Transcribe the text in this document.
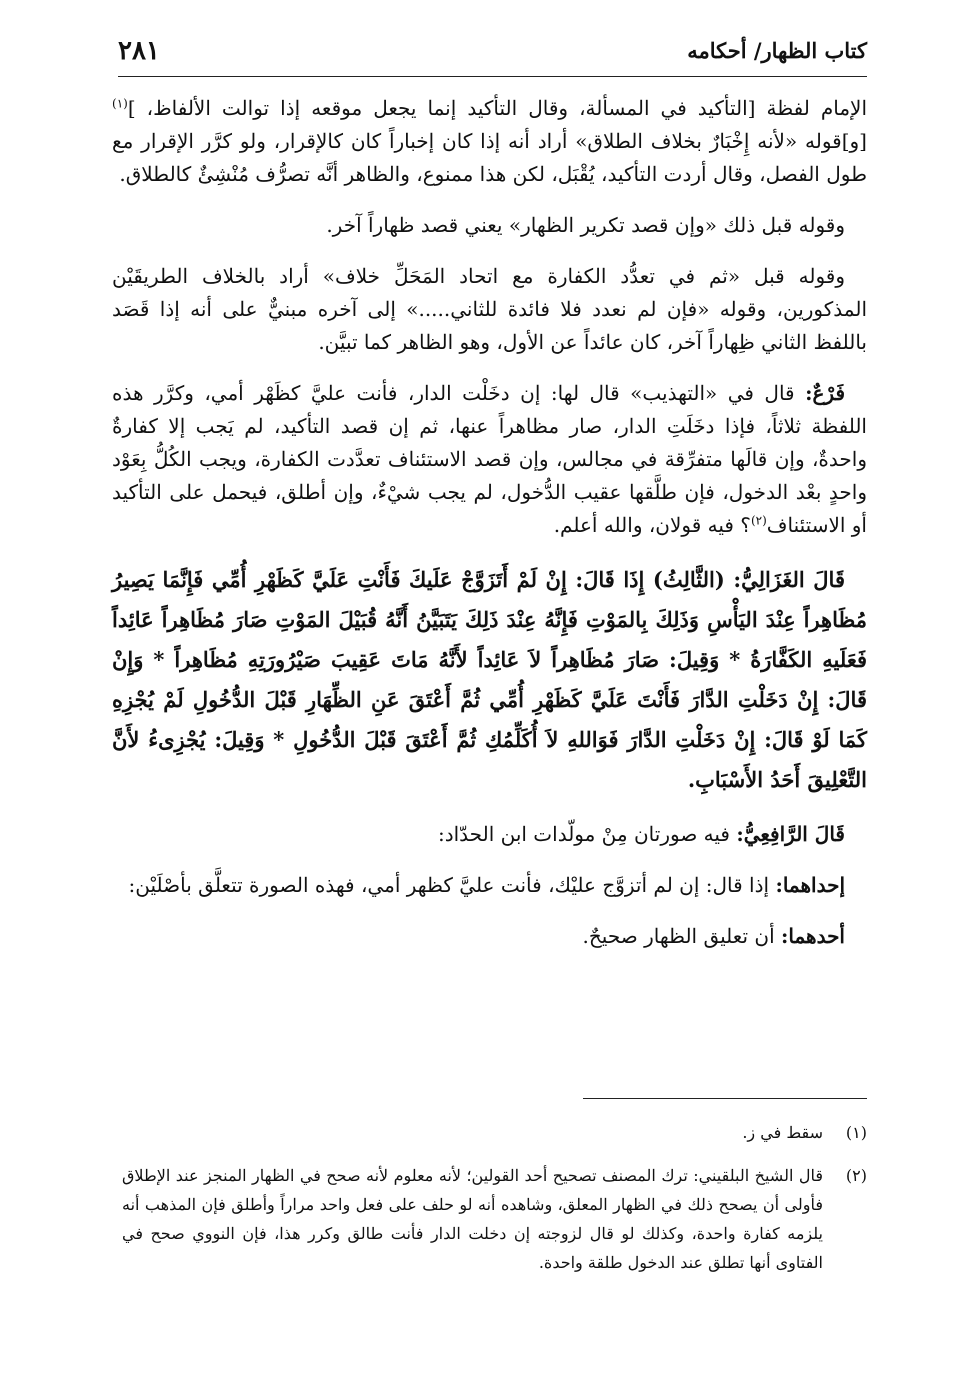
كتاب الظهار/ أحكامه
٢٨١

الإمام لفظة [التأكيد في المسألة، وقال التأكيد إنما يجعل موقعه إذا توالت الألفاظ، ]$^{(١)}$ [و]قوله «لأنه إِخْبَارٌ بخلاف الطلاق» أراد أنه إذا كان إخباراً كان كالإقرار، ولو كرَّر الإقرار مع طول الفصل، وقال أردت التأكيد، يُقْبَل، لكن هذا ممنوع، والظاهر أنَّه تصرُّف مُنْشِئٌ كالطلاق.

وقوله قبل ذلك «وإن قصد تكرير الظهار» يعني قصد ظهاراً آخر.

وقوله قبل «ثم في تعدُّد الكفارة مع اتحاد المَحَلِّ خلاف» أراد بالخلاف الطريقَيْن المذكورين، وقوله «فإن لم نعدد فلا فائدة للثاني.....» إلى آخره مبنيٌّ على أنه إذا قَصَد باللفظ الثاني ظِهاراً آخر، كان عائداً عن الأول، وهو الظاهر كما تبيَّن.

فَرْعٌ: قال في «التهذيب» قال لها: إن دخَلْت الدار، فأنت عليَّ كظَهْر أمي، وكرَّر هذه اللفظة ثلاثاً، فإذا دخَلَتِ الدار، صار مظاهراً عنها، ثم إن قصد التأكيد، لم يَجب إلا كفارةٌ واحدةٌ، وإن قالَها متفرِّقة في مجالس، وإن قصد الاستئناف تعدَّدت الكفارة، ويجب الكُلُّ بِعَوْد واحدٍ بعْد الدخول، فإن طلَّقها عقيب الدُّخول، لم يجب شيْءٌ، وإن أطلق، فيحمل على التأكيد أو الاستئناف$^{(٢)}$؟ فيه قولان، والله أعلم.

قَالَ الغَزَالِيُّ: (الثَّالِثُ) إِذَا قَالَ: إِنْ لَمْ أَتَزَوَّجْ عَلَيكَ فَأَنْتِ عَلَيَّ كَظَهْرِ أُمِّي فَإِنَّمَا يَصِيرُ مُظَاهِراً عِنْدَ اليَأْسِ وَذَلِكَ بِالمَوْتِ فَإِنَّهُ عِنْدَ ذَلِكَ يَتَبَيَّنُ أَنَّهُ قُبَيْلَ المَوْتِ صَارَ مُظَاهِراً عَائِداً فَعَلَيهِ الكَفَّارَةُ * وَقِيلَ: صَارَ مُظَاهِراً لاَ عَائِداً لأَنَّهُ مَاتَ عَقِيبَ صَيْرُورَتِهِ مُظَاهِراً * وَإِنْ قَالَ: إِنْ دَخَلْتِ الدَّارَ فَأَنْتَ عَلَيَّ كَظَهْرِ أُمِّي ثُمَّ أَعْتَقَ عَنِ الظِّهَارِ قَبْلَ الدُّخُولِ لَمْ يُجْزِهِ كَمَا لَوْ قَالَ: إِنْ دَخَلْتِ الدَّارَ فَوَاللهِ لاَ أُكَلِّمُكِ ثُمَّ أَعْتَقَ قَبْلَ الدُّخُولِ * وَقِيلَ: يُجْزِىءُ لأَنَّ التَّعْلِيقَ أَحَدُ الأَسْبَابِ.

قَالَ الرَّافِعِيُّ: فيه صورتان مِنْ مولّدات ابن الحدّاد:

إحداهما: إذا قال: إن لم أتزوَّج عليْك، فأنت عليَّ كظهر أمي، فهذه الصورة تتعلَّق بأصْلَيْن:

أحدهما: أن تعليق الظهار صحيحٌ.

(١)
سقط في ز.
(٢)
قال الشيخ البلقيني: ترك المصنف تصحيح أحد القولين؛ لأنه معلوم لأنه صحح في الظهار المنجز عند الإطلاق فأولى أن يصحح ذلك في الظهار المعلق، وشاهده أنه لو حلف على فعل واحد مراراً وأطلق فإن المذهب أنه يلزمه كفارة واحدة، وكذلك لو قال لزوجته إن دخلت الدار فأنت طالق وكرر هذا، فإن النووي صحح في الفتاوى أنها تطلق عند الدخول طلقة واحدة.
